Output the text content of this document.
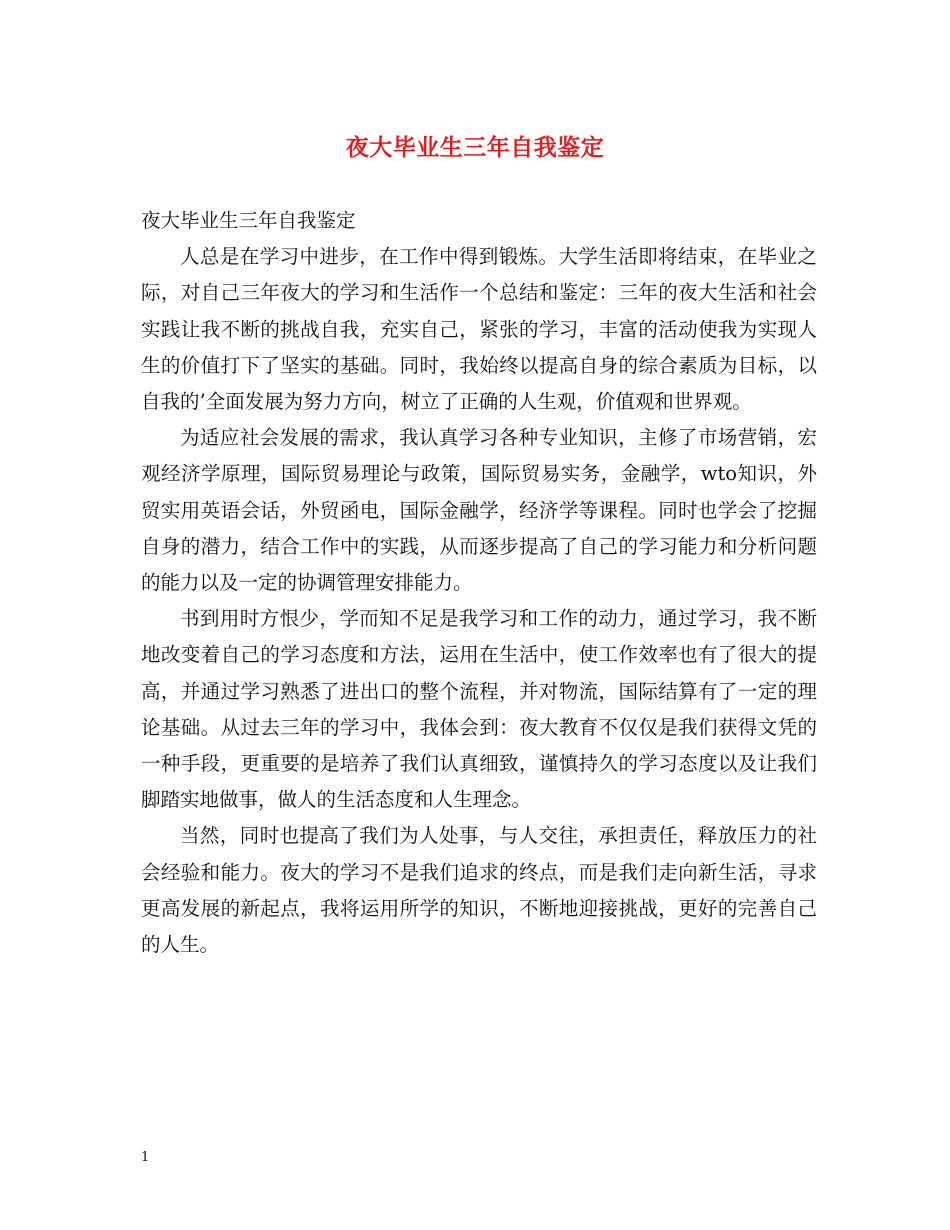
夜大毕业生三年自我鉴定

夜大毕业生三年自我鉴定

人总是在学习中进步，在工作中得到锻炼。大学生活即将结束，在毕业之际，对自己三年夜大的学习和生活作一个总结和鉴定：三年的夜大生活和社会实践让我不断的挑战自我，充实自己，紧张的学习，丰富的活动使我为实现人生的价值打下了坚实的基础。同时，我始终以提高自身的综合素质为目标，以自我的’全面发展为努力方向，树立了正确的人生观，价值观和世界观。

为适应社会发展的需求，我认真学习各种专业知识，主修了市场营销，宏观经济学原理，国际贸易理论与政策，国际贸易实务，金融学，wto知识，外贸实用英语会话，外贸函电，国际金融学，经济学等课程。同时也学会了挖掘自身的潜力，结合工作中的实践，从而逐步提高了自己的学习能力和分析问题的能力以及一定的协调管理安排能力。

书到用时方恨少，学而知不足是我学习和工作的动力，通过学习，我不断地改变着自己的学习态度和方法，运用在生活中，使工作效率也有了很大的提高，并通过学习熟悉了进出口的整个流程，并对物流，国际结算有了一定的理论基础。从过去三年的学习中，我体会到：夜大教育不仅仅是我们获得文凭的一种手段，更重要的是培养了我们认真细致，谨慎持久的学习态度以及让我们脚踏实地做事，做人的生活态度和人生理念。

当然，同时也提高了我们为人处事，与人交往，承担责任，释放压力的社会经验和能力。夜大的学习不是我们追求的终点，而是我们走向新生活，寻求更高发展的新起点，我将运用所学的知识，不断地迎接挑战，更好的完善自己的人生。

1
